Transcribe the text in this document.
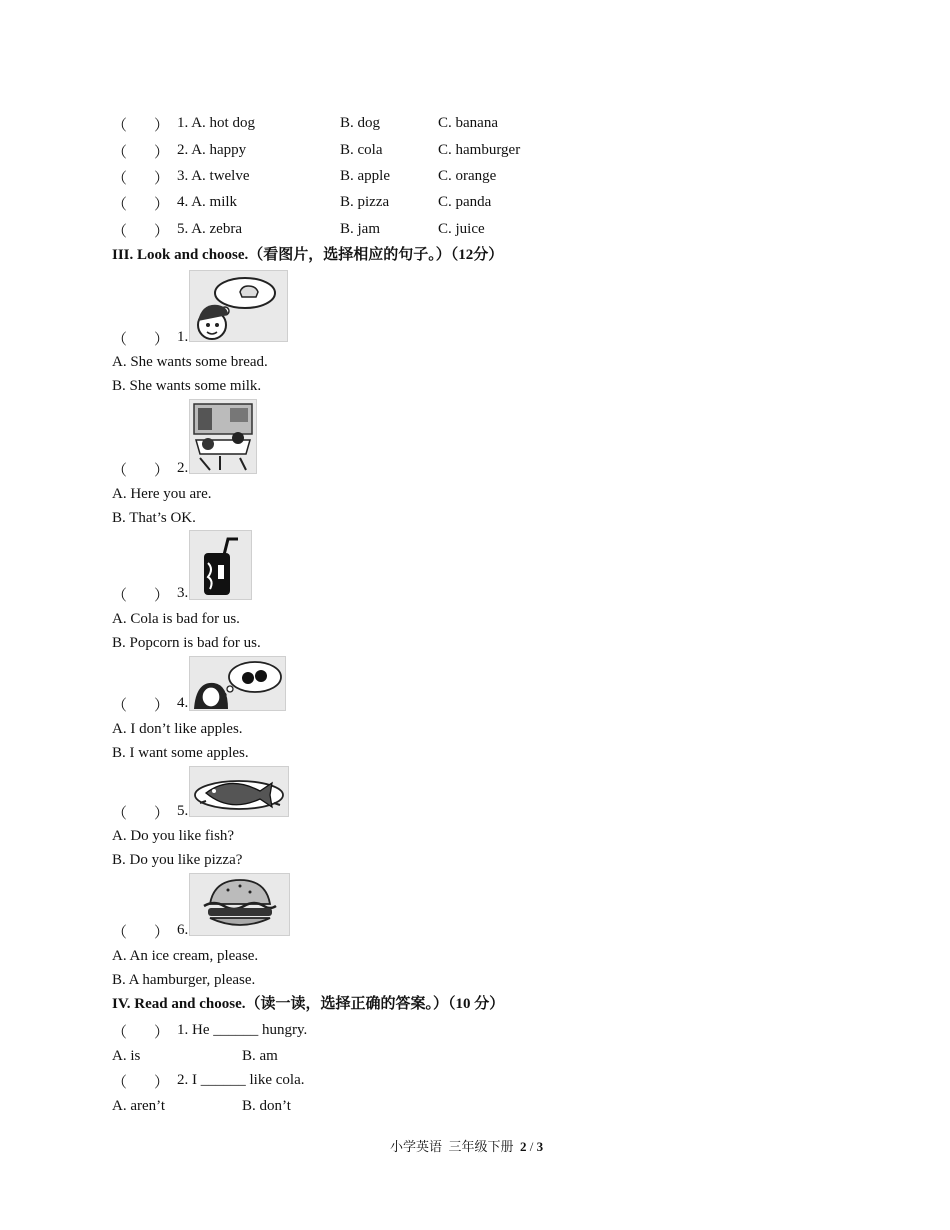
（ ） 1. A. hot dog	B. dog	C. banana
（ ） 2. A. happy	B. cola	C. hamburger
（ ） 3. A. twelve	B. apple	C. orange
（ ） 4. A. milk	B. pizza	C. panda
（ ） 5. A. zebra	B. jam	C. juice
III. Look and choose.（看图片，选择相应的句子。）（12分）
（ ） 1.
A. She wants some bread.
B. She wants some milk.
（ ） 2.
A. Here you are.
B. That’s OK.
（ ） 3.
A. Cola is bad for us.
B. Popcorn is bad for us.
（ ） 4.
A. I don’t like apples.
B. I want some apples.
（ ） 5.
A. Do you like fish?
B. Do you like pizza?
（ ） 6.
A. An ice cream, please.
B. A hamburger, please.
IV. Read and choose.（读一读，选择正确的答案。）（10 分）
（ ） 1. He ______ hungry.
A. is	B. am
（ ） 2. I ______ like cola.
A. aren’t	B. don’t
小学英语 三年级下册 2 / 3
